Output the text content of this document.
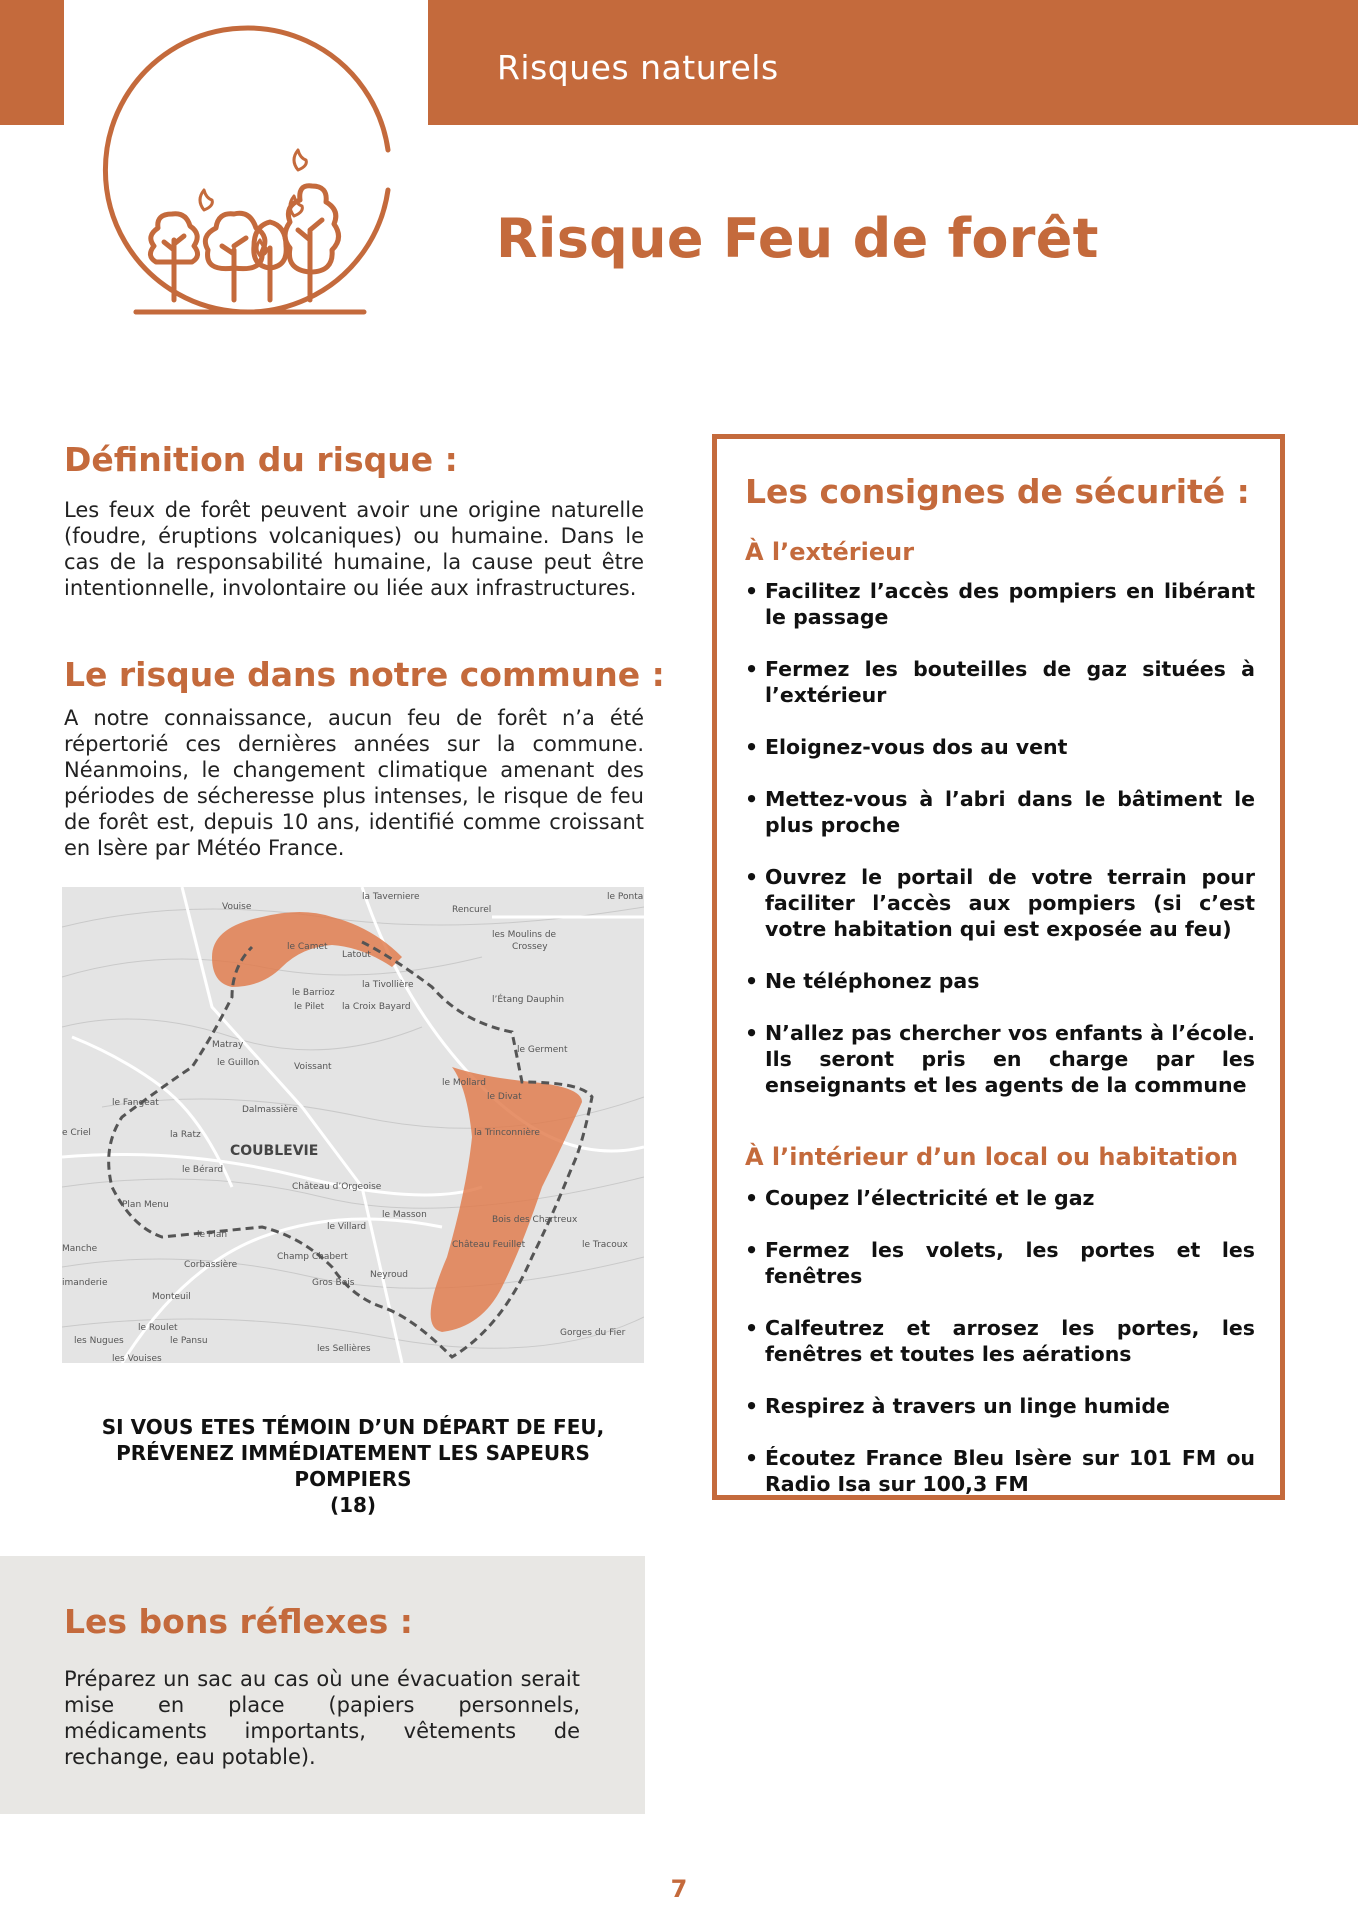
Risques naturels
Risque Feu de forêt
Définition du risque :

Les feux de forêt peuvent avoir une origine naturelle (foudre, éruptions volcaniques) ou humaine. Dans le cas de la responsabilité humaine, la cause peut être intentionnelle, involontaire ou liée aux infrastructures.

Le risque dans notre commune :

A notre connaissance, aucun feu de forêt n’a été répertorié ces dernières années sur la commune. Néanmoins, le changement climatique amenant des périodes de sécheresse plus intenses, le risque de feu de forêt est, depuis 10 ans, identifié comme croissant en Isère par Météo France.

Vouise
la Taverniere
Rencurel
le Ponta
les Moulins de
Crossey
le Camet
Latout
le Barrioz
la Tivollière
le Pilet la Croix Bayard
l’Étang Dauphin
Matray
le Guillon	Voissant
le Germent
le Fangeat
le Mollard
le Divat
Dalmassière
la Ratz	la Trinconnière
e Criel
le Bérard
Château d’Orgeoise
Plan Menu
le Masson	Bois des Chartreux
le Villard
le Plan
Château Feuillet	le Tracoux
Manche
Corbassière
Champ Chabert
Neyroud
imanderie	Gros Bois
Monteuil
le Roulet
les Nugues	le Pansu
les Vouises
les Sellières
Gorges du Fier
COUBLEVIE

SI VOUS ETES TÉMOIN D’UN DÉPART DE FEU,
PRÉVENEZ IMMÉDIATEMENT LES SAPEURS POMPIERS
(18)

Les consignes de sécurité :
À l’extérieur
• Facilitez l’accès des pompiers en libérant le passage
• Fermez les bouteilles de gaz situées à l’extérieur
• Eloignez-vous dos au vent
• Mettez-vous à l’abri dans le bâtiment le plus proche
• Ouvrez le portail de votre terrain pour faciliter l’accès aux pompiers (si c’est votre habitation qui est exposée au feu)
• Ne téléphonez pas
• N’allez pas chercher vos enfants à l’école. Ils seront pris en charge par les enseignants et les agents de la commune
À l’intérieur d’un local ou habitation
• Coupez l’électricité et le gaz
• Fermez les volets, les portes et les fenêtres
• Calfeutrez et arrosez les portes, les fenêtres et toutes les aérations
• Respirez à travers un linge humide
• Écoutez France Bleu Isère sur 101 FM ou Radio Isa sur 100,3 FM
Les bons réflexes :

Préparez un sac au cas où une évacuation serait mise en place (papiers personnels, médicaments importants, vêtements de rechange, eau potable).

7
